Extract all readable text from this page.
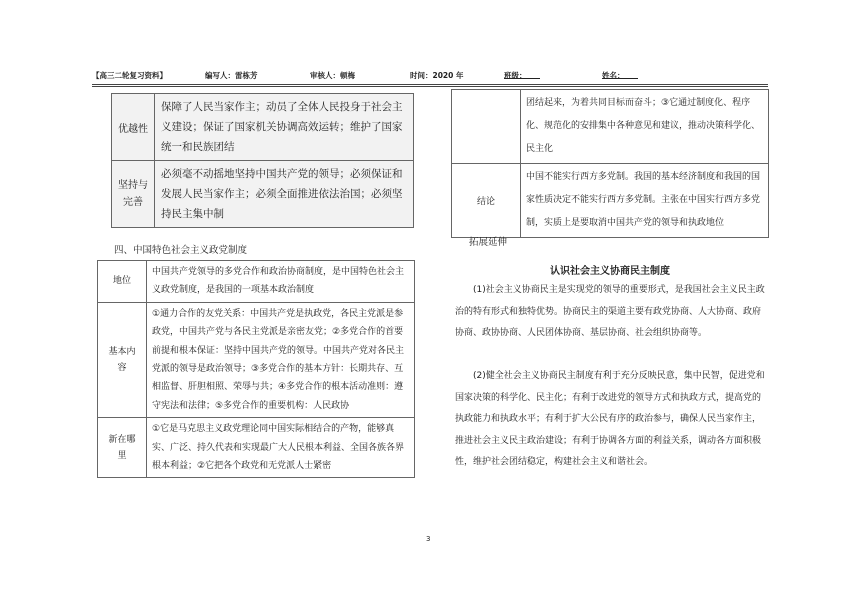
【高三二轮复习资料】	编写人：雷栋芳	审核人：顿梅	时间：2020 年	班级：	姓名：
优越性	保障了人民当家作主；动员了全体人民投身于社会主义建设；保证了国家机关协调高效运转；维护了国家统一和民族团结
坚持与完善	必须毫不动摇地坚持中国共产党的领导；必须保证和发展人民当家作主；必须全面推进依法治国；必须坚持民主集中制
四、中国特色社会主义政党制度
地位	中国共产党领导的多党合作和政治协商制度，是中国特色社会主义政党制度，是我国的一项基本政治制度
基本内容	①通力合作的友党关系：中国共产党是执政党，各民主党派是参政党，中国共产党与各民主党派是亲密友党；②多党合作的首要前提和根本保证：坚持中国共产党的领导。中国共产党对各民主党派的领导是政治领导；③多党合作的基本方针：长期共存、互相监督、肝胆相照、荣辱与共；④多党合作的根本活动准则：遵守宪法和法律；⑤多党合作的重要机构：人民政协
新在哪里	①它是马克思主义政党理论同中国实际相结合的产物，能够真实、广泛、持久代表和实现最广大人民根本利益、全国各族各界根本利益；②它把各个政党和无党派人士紧密
	团结起来，为着共同目标而奋斗；③它通过制度化、程序化、规范化的安排集中各种意见和建议，推动决策科学化、民主化
结论	中国不能实行西方多党制。我国的基本经济制度和我国的国家性质决定不能实行西方多党制。主张在中国实行西方多党制，实质上是要取消中国共产党的领导和执政地位
拓展延伸
认识社会主义协商民主制度
(1)社会主义协商民主是实现党的领导的重要形式，是我国社会主义民主政治的特有形式和独特优势。协商民主的渠道主要有政党协商、人大协商、政府协商、政协协商、人民团体协商、基层协商、社会组织协商等。
(2)健全社会主义协商民主制度有利于充分反映民意，集中民智，促进党和国家决策的科学化、民主化；有利于改进党的领导方式和执政方式，提高党的执政能力和执政水平；有利于扩大公民有序的政治参与，确保人民当家作主，推进社会主义民主政治建设；有利于协调各方面的利益关系，调动各方面积极性，维护社会团结稳定，构建社会主义和谐社会。
3
